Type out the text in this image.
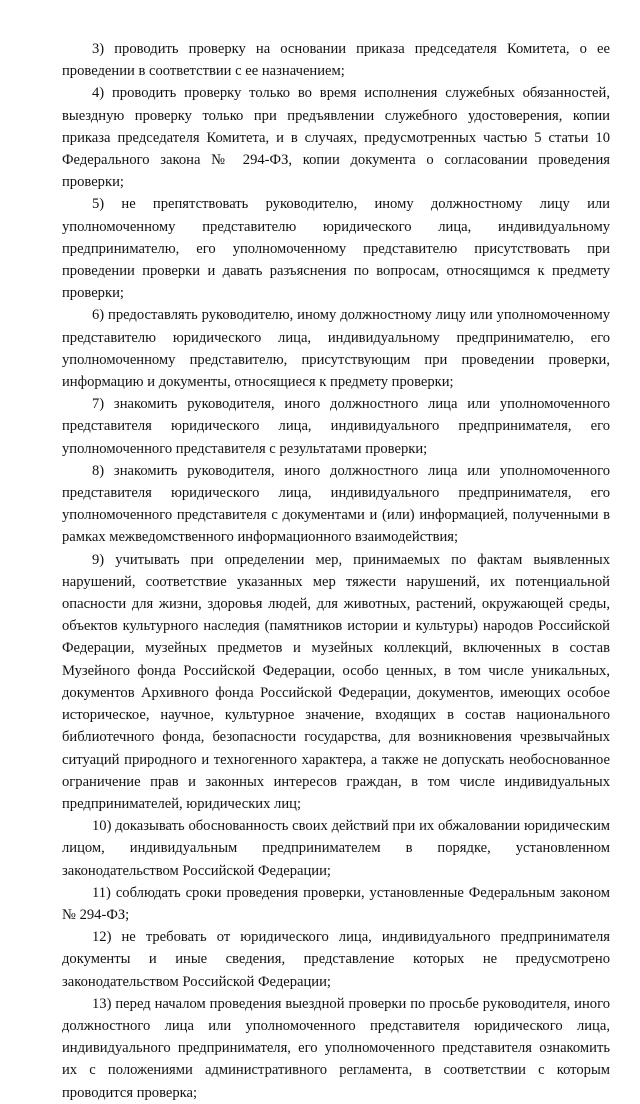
3) проводить проверку на основании приказа председателя Комитета, о ее проведении в соответствии с ее назначением;

4) проводить проверку только во время исполнения служебных обязанностей, выездную проверку только при предъявлении служебного удостоверения, копии приказа председателя Комитета, и в случаях, предусмотренных частью 5 статьи 10 Федерального закона № 294-ФЗ, копии документа о согласовании проведения проверки;

5) не препятствовать руководителю, иному должностному лицу или уполномоченному представителю юридического лица, индивидуальному предпринимателю, его уполномоченному представителю присутствовать при проведении проверки и давать разъяснения по вопросам, относящимся к предмету проверки;

6) предоставлять руководителю, иному должностному лицу или уполномоченному представителю юридического лица, индивидуальному предпринимателю, его уполномоченному представителю, присутствующим при проведении проверки, информацию и документы, относящиеся к предмету проверки;

7) знакомить руководителя, иного должностного лица или уполномоченного представителя юридического лица, индивидуального предпринимателя, его уполномоченного представителя с результатами проверки;

8) знакомить руководителя, иного должностного лица или уполномоченного представителя юридического лица, индивидуального предпринимателя, его уполномоченного представителя с документами и (или) информацией, полученными в рамках межведомственного информационного взаимодействия;

9) учитывать при определении мер, принимаемых по фактам выявленных нарушений, соответствие указанных мер тяжести нарушений, их потенциальной опасности для жизни, здоровья людей, для животных, растений, окружающей среды, объектов культурного наследия (памятников истории и культуры) народов Российской Федерации, музейных предметов и музейных коллекций, включенных в состав Музейного фонда Российской Федерации, особо ценных, в том числе уникальных, документов Архивного фонда Российской Федерации, документов, имеющих особое историческое, научное, культурное значение, входящих в состав национального библиотечного фонда, безопасности государства, для возникновения чрезвычайных ситуаций природного и техногенного характера, а также не допускать необоснованное ограничение прав и законных интересов граждан, в том числе индивидуальных предпринимателей, юридических лиц;

10) доказывать обоснованность своих действий при их обжаловании юридическим лицом, индивидуальным предпринимателем в порядке, установленном законодательством Российской Федерации;

11) соблюдать сроки проведения проверки, установленные Федеральным законом № 294-ФЗ;

12) не требовать от юридического лица, индивидуального предпринимателя документы и иные сведения, представление которых не предусмотрено законодательством Российской Федерации;

13) перед началом проведения выездной проверки по просьбе руководителя, иного должностного лица или уполномоченного представителя юридического лица, индивидуального предпринимателя, его уполномоченного представителя ознакомить их с положениями административного регламента, в соответствии с которым проводится проверка;
